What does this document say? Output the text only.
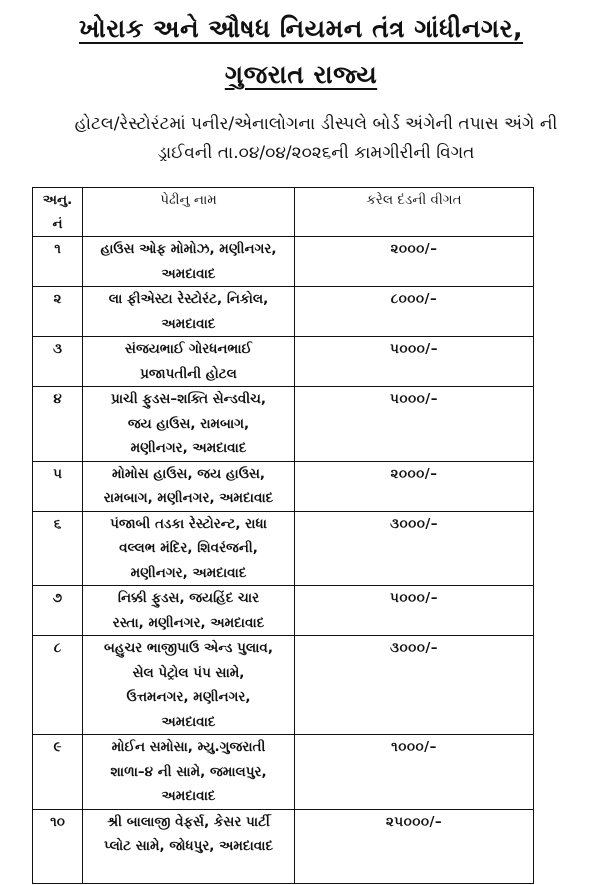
ખોરાક અને ઔષધ નિયમન તંત્ર ગાંધીનગર,
ગુજરાત રાજ્ય
હોટલ/રેસ્ટોરંટમાં પનીર/એનાલોગના ડીસ્પલે બોર્ડ અંગેની તપાસ અંગે ની
ડ્રાઈવની તા.૦૪/૦૪/૨૦૨૬ની કામગીરીની વિગત
અનુ.
નં	પેઢીનુ નામ	કરેલ દંડની વીગત
૧	હાઉસ ઓફ મોમોઝ, મણીનગર,
અમદાવાદ	૨૦૦૦/–
૨	લા ફીએસ્ટા રેસ્ટોરંટ, નિકોલ,
અમદાવાદ	૮૦૦૦/–
૩	સંજયભાઈ ગોરધનભાઈ
પ્રજાપતીની હોટલ	૫૦૦૦/–
૪	પ્રાચી ફુડસ–શક્તિ સેન્ડવીચ,
જય હાઉસ, રામબાગ,
મણીનગર, અમદાવાદ	૫૦૦૦/–
૫	મોમોસ હાઉસ, જય હાઉસ,
રામબાગ, મણીનગર, અમદાવાદ	૨૦૦૦/–
૬	પંજાબી તડકા રેસ્ટોરન્ટ, રાધા
વલ્લભ મંદિર, શિવરંજની,
મણીનગર, અમદાવાદ	૩૦૦૦/–
૭	નિક્કી ફુડસ, જયહિંદ ચાર
રસ્તા, મણીનગર, અમદાવાદ	૫૦૦૦/–
૮	બહુચર ભાજીપાઉ એન્ડ પુલાવ,
સેલ પેટ્રોલ પંપ સામે,
ઉત્તમનગર, મણીનગર,
અમદાવાદ	૩૦૦૦/–
૯	મોઈન સમોસા, મ્યુ.ગુજરાતી
શાળા–૪ ની સામે, જમાલપુર,
અમદાવાદ	૧૦૦૦/–
૧૦	શ્રી બાલાજી વેફર્સ, કેસર પાર્ટી
પ્લોટ સામે, જોધપુર, અમદાવાદ	૨૫૦૦૦/–
